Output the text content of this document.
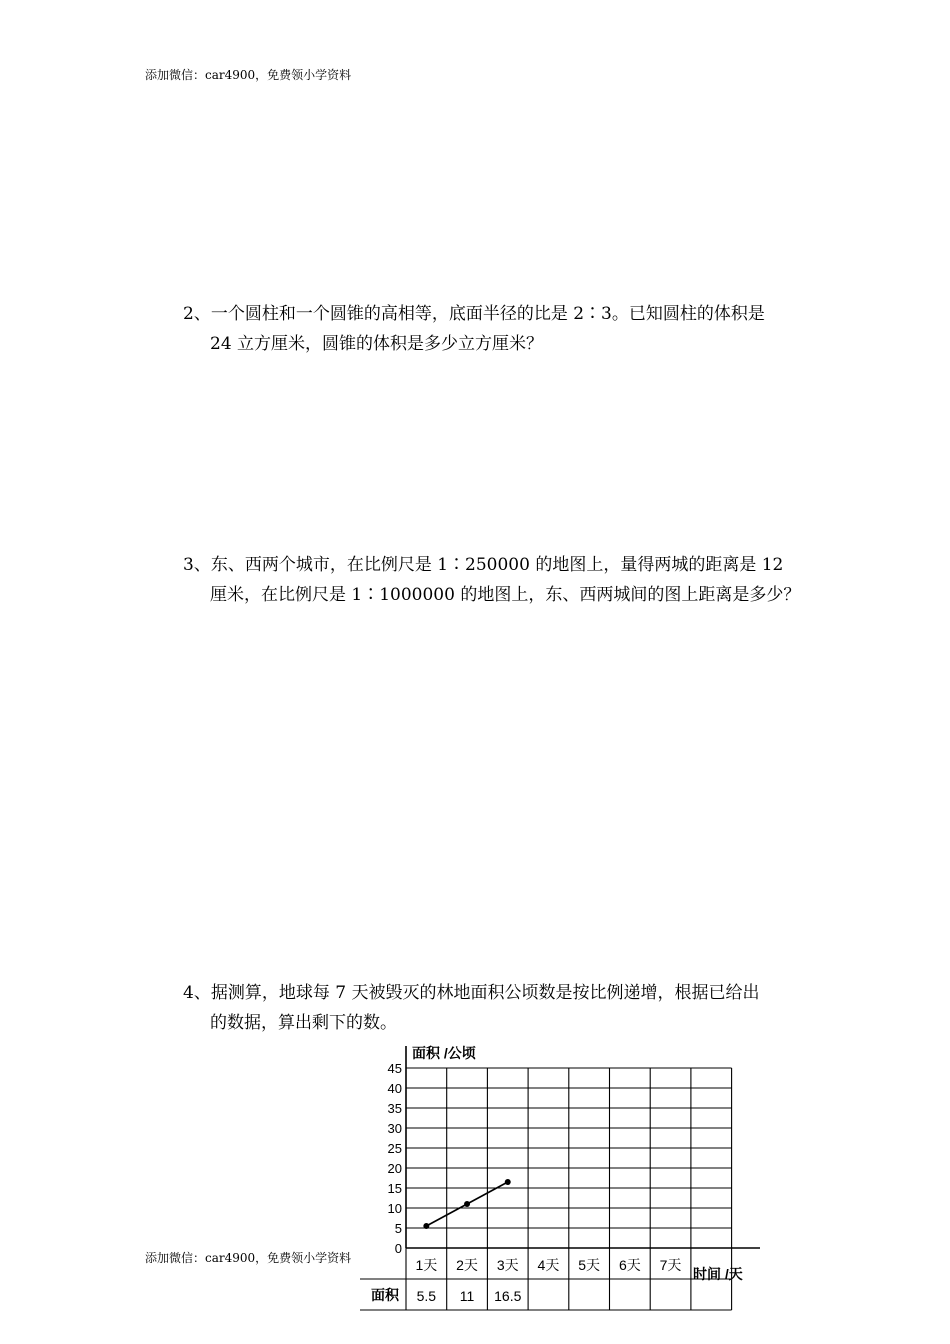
添加微信：car4900，免费领小学资料
2、一个圆柱和一个圆锥的高相等，底面半径的比是 2∶3。已知圆柱的体积是
24 立方厘米，圆锥的体积是多少立方厘米？
3、东、西两个城市，在比例尺是 1∶250000 的地图上，量得两城的距离是 12
厘米，在比例尺是 1∶1000000 的地图上，东、西两城间的图上距离是多少？
4、据测算，地球每 7 天被毁灭的林地面积公顷数是按比例递增，根据已给出
的数据，算出剩下的数。
0
5
10
15
20
25
30
35
40
45
1天 2天 3天 4天 5天 6天 7天
面积 5.5 11 16.5
面积 /公顷
时间 /天
添加微信：car4900，免费领小学资料
